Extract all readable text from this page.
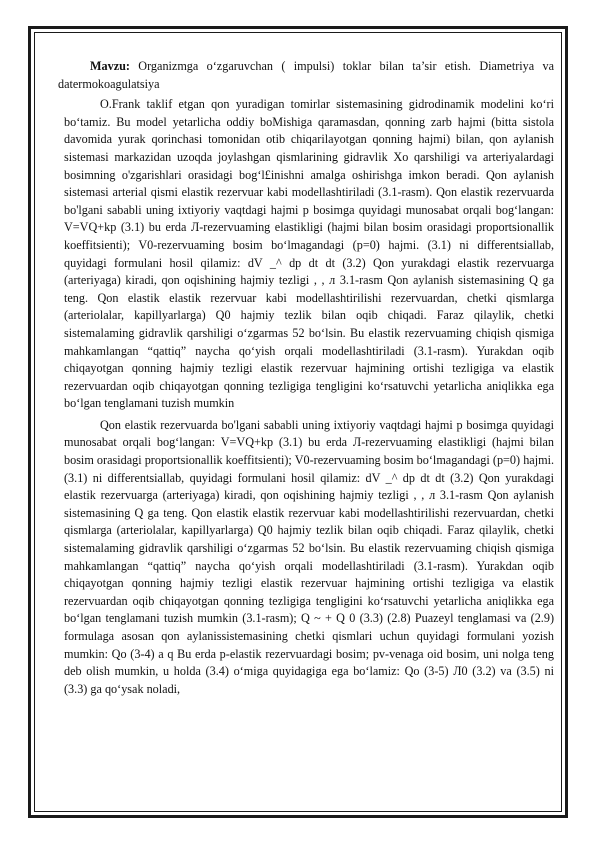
Mavzu: Organizmga o‘zgaruvchan ( impulsi) toklar bilan ta’sir etish. Diametriya va datermokoagulatsiya

O.Frank taklif etgan qon yuradigan tomirlar sistemasining gidrodinamik modelini ko‘ri bo‘tamiz. Bu model yetarlicha oddiy boMishiga qaramasdan, qonning zarb hajmi (bitta sistola davomida yurak qorinchasi tomonidan otib chiqarilayotgan qonning hajmi) bilan, qon aylanish sistemasi markazidan uzoqda joylashgan qismlarining gidravlik Xo qarshiligi va arteriyalardagi bosimning o'zgarishlari orasidagi bog‘l£inishni amalga oshirishga imkon beradi. Qon aylanish sistemasi arterial qismi elastik rezervuar kabi modellashtiriladi (3.1-rasm). Qon elastik rezervuarda bo'lgani sababli uning ixtiyoriy vaqtdagi hajmi p bosimga quyidagi munosabat orqali bog‘langan: V=VQ+kp (3.1) bu erda Л-rezervuaming elastikligi (hajmi bilan bosim orasidagi proportsionallik koeffitsienti); V0-rezervuaming bosim bo‘lmagandagi (p=0) hajmi. (3.1) ni differentsiallab, quyidagi formulani hosil qilamiz: dV _^ dp dt dt (3.2) Qon yurakdagi elastik rezervuarga (arteriyaga) kiradi, qon oqishining hajmiy tezligi , , л 3.1-rasm Qon aylanish sistemasining Q ga teng. Qon elastik elastik rezervuar kabi modellashtirilishi rezervuardan, chetki qismlarga (arteriolalar, kapillyarlarga) Q0 hajmiy tezlik bilan oqib chiqadi. Faraz qilaylik, chetki sistemalaming gidravlik qarshiligi o‘zgarmas 52 bo‘lsin. Bu elastik rezervuaming chiqish qismiga mahkamlangan “qattiq” naycha qo‘yish orqali modellashtiriladi (3.1-rasm). Yurakdan oqib chiqayotgan qonning hajmiy tezligi elastik rezervuar hajmining ortishi tezligiga va elastik rezervuardan oqib chiqayotgan qonning tezligiga tengligini ko‘rsatuvchi yetarlicha aniqlikka ega bo‘lgan tenglamani tuzish mumkin

Qon elastik rezervuarda bo'lgani sababli uning ixtiyoriy vaqtdagi hajmi p bosimga quyidagi munosabat orqali bog‘langan: V=VQ+kp (3.1) bu erda Л-rezervuaming elastikligi (hajmi bilan bosim orasidagi proportsionallik koeffitsienti); V0-rezervuaming bosim bo‘lmagandagi (p=0) hajmi. (3.1) ni differentsiallab, quyidagi formulani hosil qilamiz: dV _^ dp dt dt (3.2) Qon yurakdagi elastik rezervuarga (arteriyaga) kiradi, qon oqishining hajmiy tezligi , , л 3.1-rasm Qon aylanish sistemasining Q ga teng. Qon elastik elastik rezervuar kabi modellashtirilishi rezervuardan, chetki qismlarga (arteriolalar, kapillyarlarga) Q0 hajmiy tezlik bilan oqib chiqadi. Faraz qilaylik, chetki sistemalaming gidravlik qarshiligi o‘zgarmas 52 bo‘lsin. Bu elastik rezervuaming chiqish qismiga mahkamlangan “qattiq” naycha qo‘yish orqali modellashtiriladi (3.1-rasm). Yurakdan oqib chiqayotgan qonning hajmiy tezligi elastik rezervuar hajmining ortishi tezligiga va elastik rezervuardan oqib chiqayotgan qonning tezligiga tengligini ko‘rsatuvchi yetarlicha aniqlikka ega bo‘lgan tenglamani tuzish mumkin (3.1-rasm); Q ~ + Q 0 (3.3) (2.8) Puazeyl tenglamasi va (2.9) formulaga asosan qon aylanissistemasining chetki qismlari uchun quyidagi formulani yozish mumkin: Qo (3-4) a q Bu erda p-elastik rezervuardagi bosim; pv-venaga oid bosim, uni nolga teng deb olish mumkin, u holda (3.4) o‘miga quyidagiga ega bo‘lamiz: Qo (3-5) Л0 (3.2) va (3.5) ni (3.3) ga qo‘ysak noladi,
